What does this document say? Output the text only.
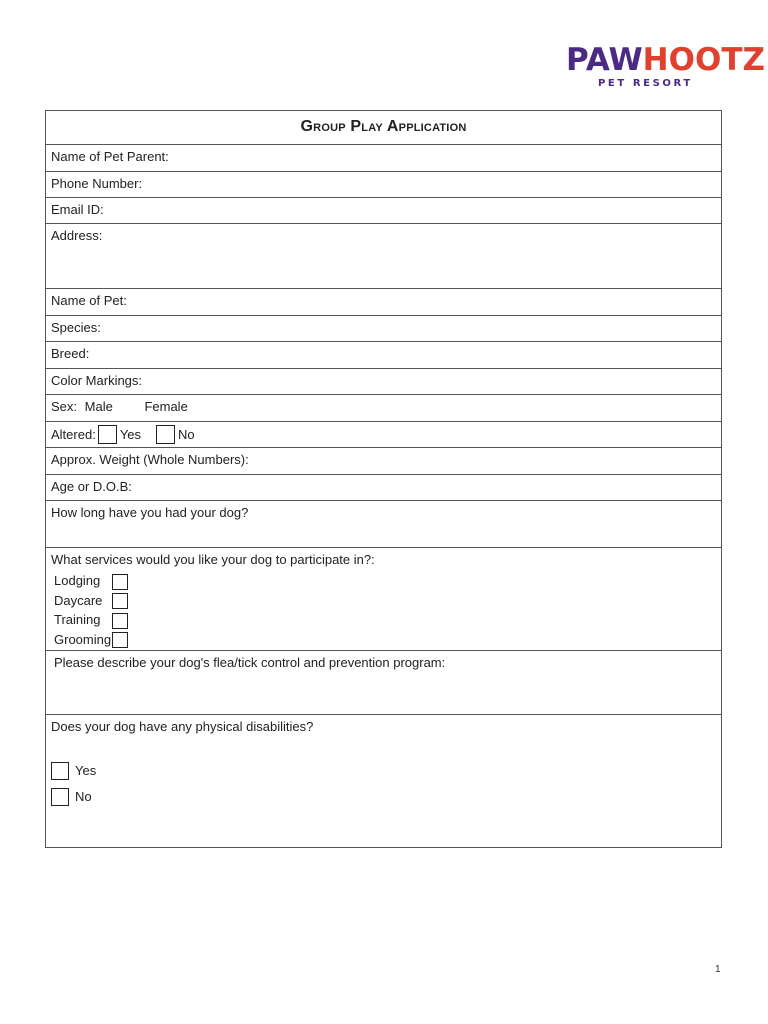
PAWHOOTZ
PET RESORT
Group Play Application
Name of Pet Parent:
Phone Number:
Email ID:
Address:
Name of Pet:
Species:
Breed:
Color Markings:
Sex: Male Female
Altered: Yes	No
Approx. Weight (Whole Numbers):
Age or D.O.B:
How long have you had your dog?
What services would you like your dog to participate in?:
Lodging
Daycare
Training
Grooming
Please describe your dog's flea/tick control and prevention program:
Does your dog have any physical disabilities?
Yes
No
1
